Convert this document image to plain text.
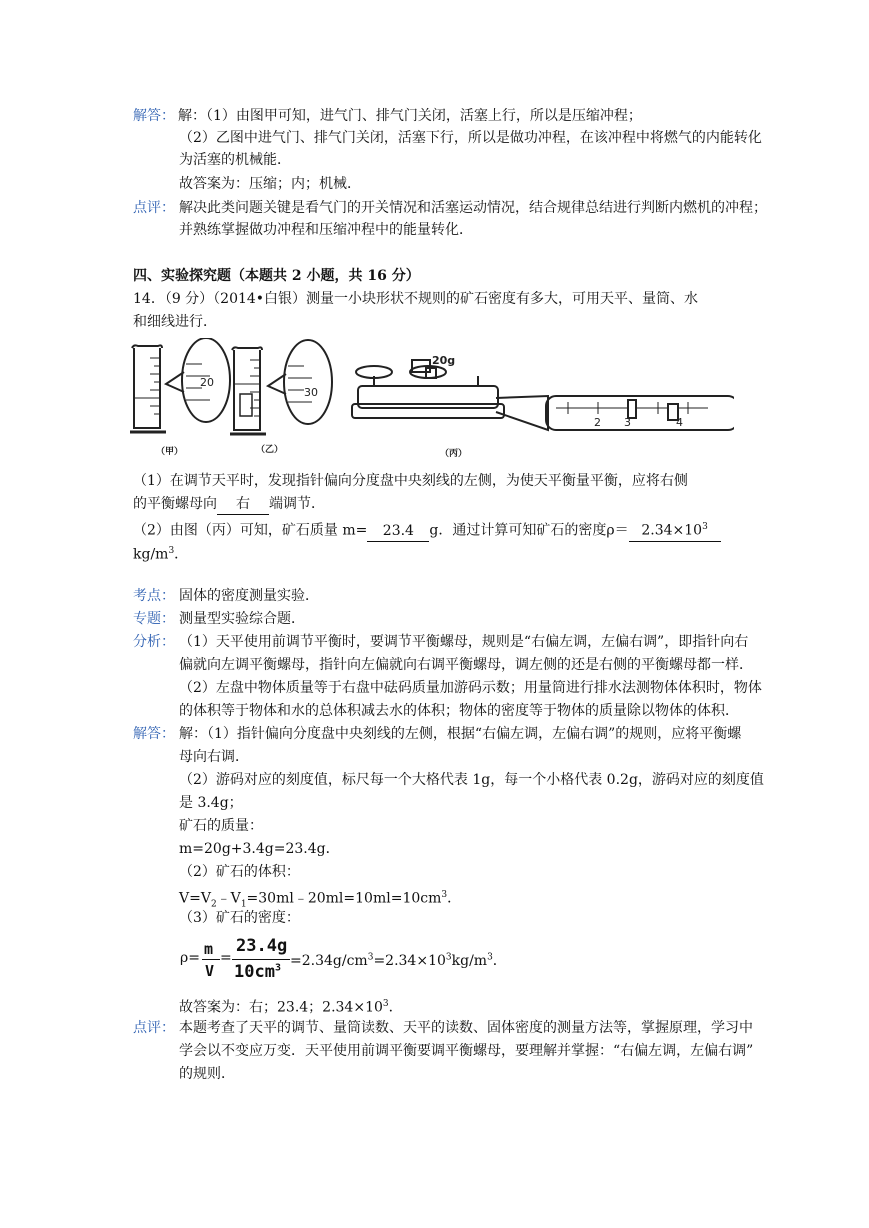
解答： 解：（1）由图甲可知，进气门、排气门关闭，活塞上行，所以是压缩冲程；
（2）乙图中进气门、排气门关闭，活塞下行，所以是做功冲程，在该冲程中将燃气的内能转化
为活塞的机械能．
故答案为：压缩；内；机械．
点评： 解决此类问题关键是看气门的开关情况和活塞运动情况，结合规律总结进行判断内燃机的冲程；
并熟练掌握做功冲程和压缩冲程中的能量转化．
四、实验探究题（本题共 2 小题，共 16 分）
14．（9 分）（2014•白银）测量一小块形状不规则的矿石密度有多大，可用天平、量筒、水
和细线进行．
20
30
20g
2 3	4
（甲）	（乙）	（丙）
（1）在调节天平时，发现指针偏向分度盘中央刻线的左侧，为使天平衡量平衡，应将右侧
的平衡螺母向 右 端调节．
（2）由图（丙）可知，矿石质量 m= 23.4 g．通过计算可知矿石的密度$\rho= 2.34\times 10^3$
$kg/m^3$．
考点： 固体的密度测量实验．
专题： 测量型实验综合题．
分析： （1）天平使用前调节平衡时，要调节平衡螺母，规则是“右偏左调，左偏右调”，即指针向右
偏就向左调平衡螺母，指针向左偏就向右调平衡螺母，调左侧的还是右侧的平衡螺母都一样．
（2）左盘中物体质量等于右盘中砝码质量加游码示数；用量筒进行排水法测物体体积时，物体
的体积等于物体和水的总体积减去水的体积；物体的密度等于物体的质量除以物体的体积．
解答： 解：（1）指针偏向分度盘中央刻线的左侧，根据“右偏左调，左偏右调”的规则，应将平衡螺
母向右调．
（2）游码对应的刻度值，标尺每一个大格代表 1g，每一个小格代表 0.2g，游码对应的刻度值
是 3.4g；
矿石的质量：
m=20g+3.4g=23.4g．
（2）矿石的体积：
$V=V_2﹣V_1=30ml﹣20ml=10ml=10cm^3$．
（3）矿石的密度：
ρ= m
V
=
23.4g
$10cm^3 =2.34g/cm^3=2.34\times 10^3kg/m^3$．
故答案为：右；23.4；$2.34\times 10^3$．
点评： 本题考查了天平的调节、量筒读数、天平的读数、固体密度的测量方法等，掌握原理，学习中
学会以不变应万变．天平使用前调平衡要调平衡螺母，要理解并掌握：“右偏左调，左偏右调”
的规则．
